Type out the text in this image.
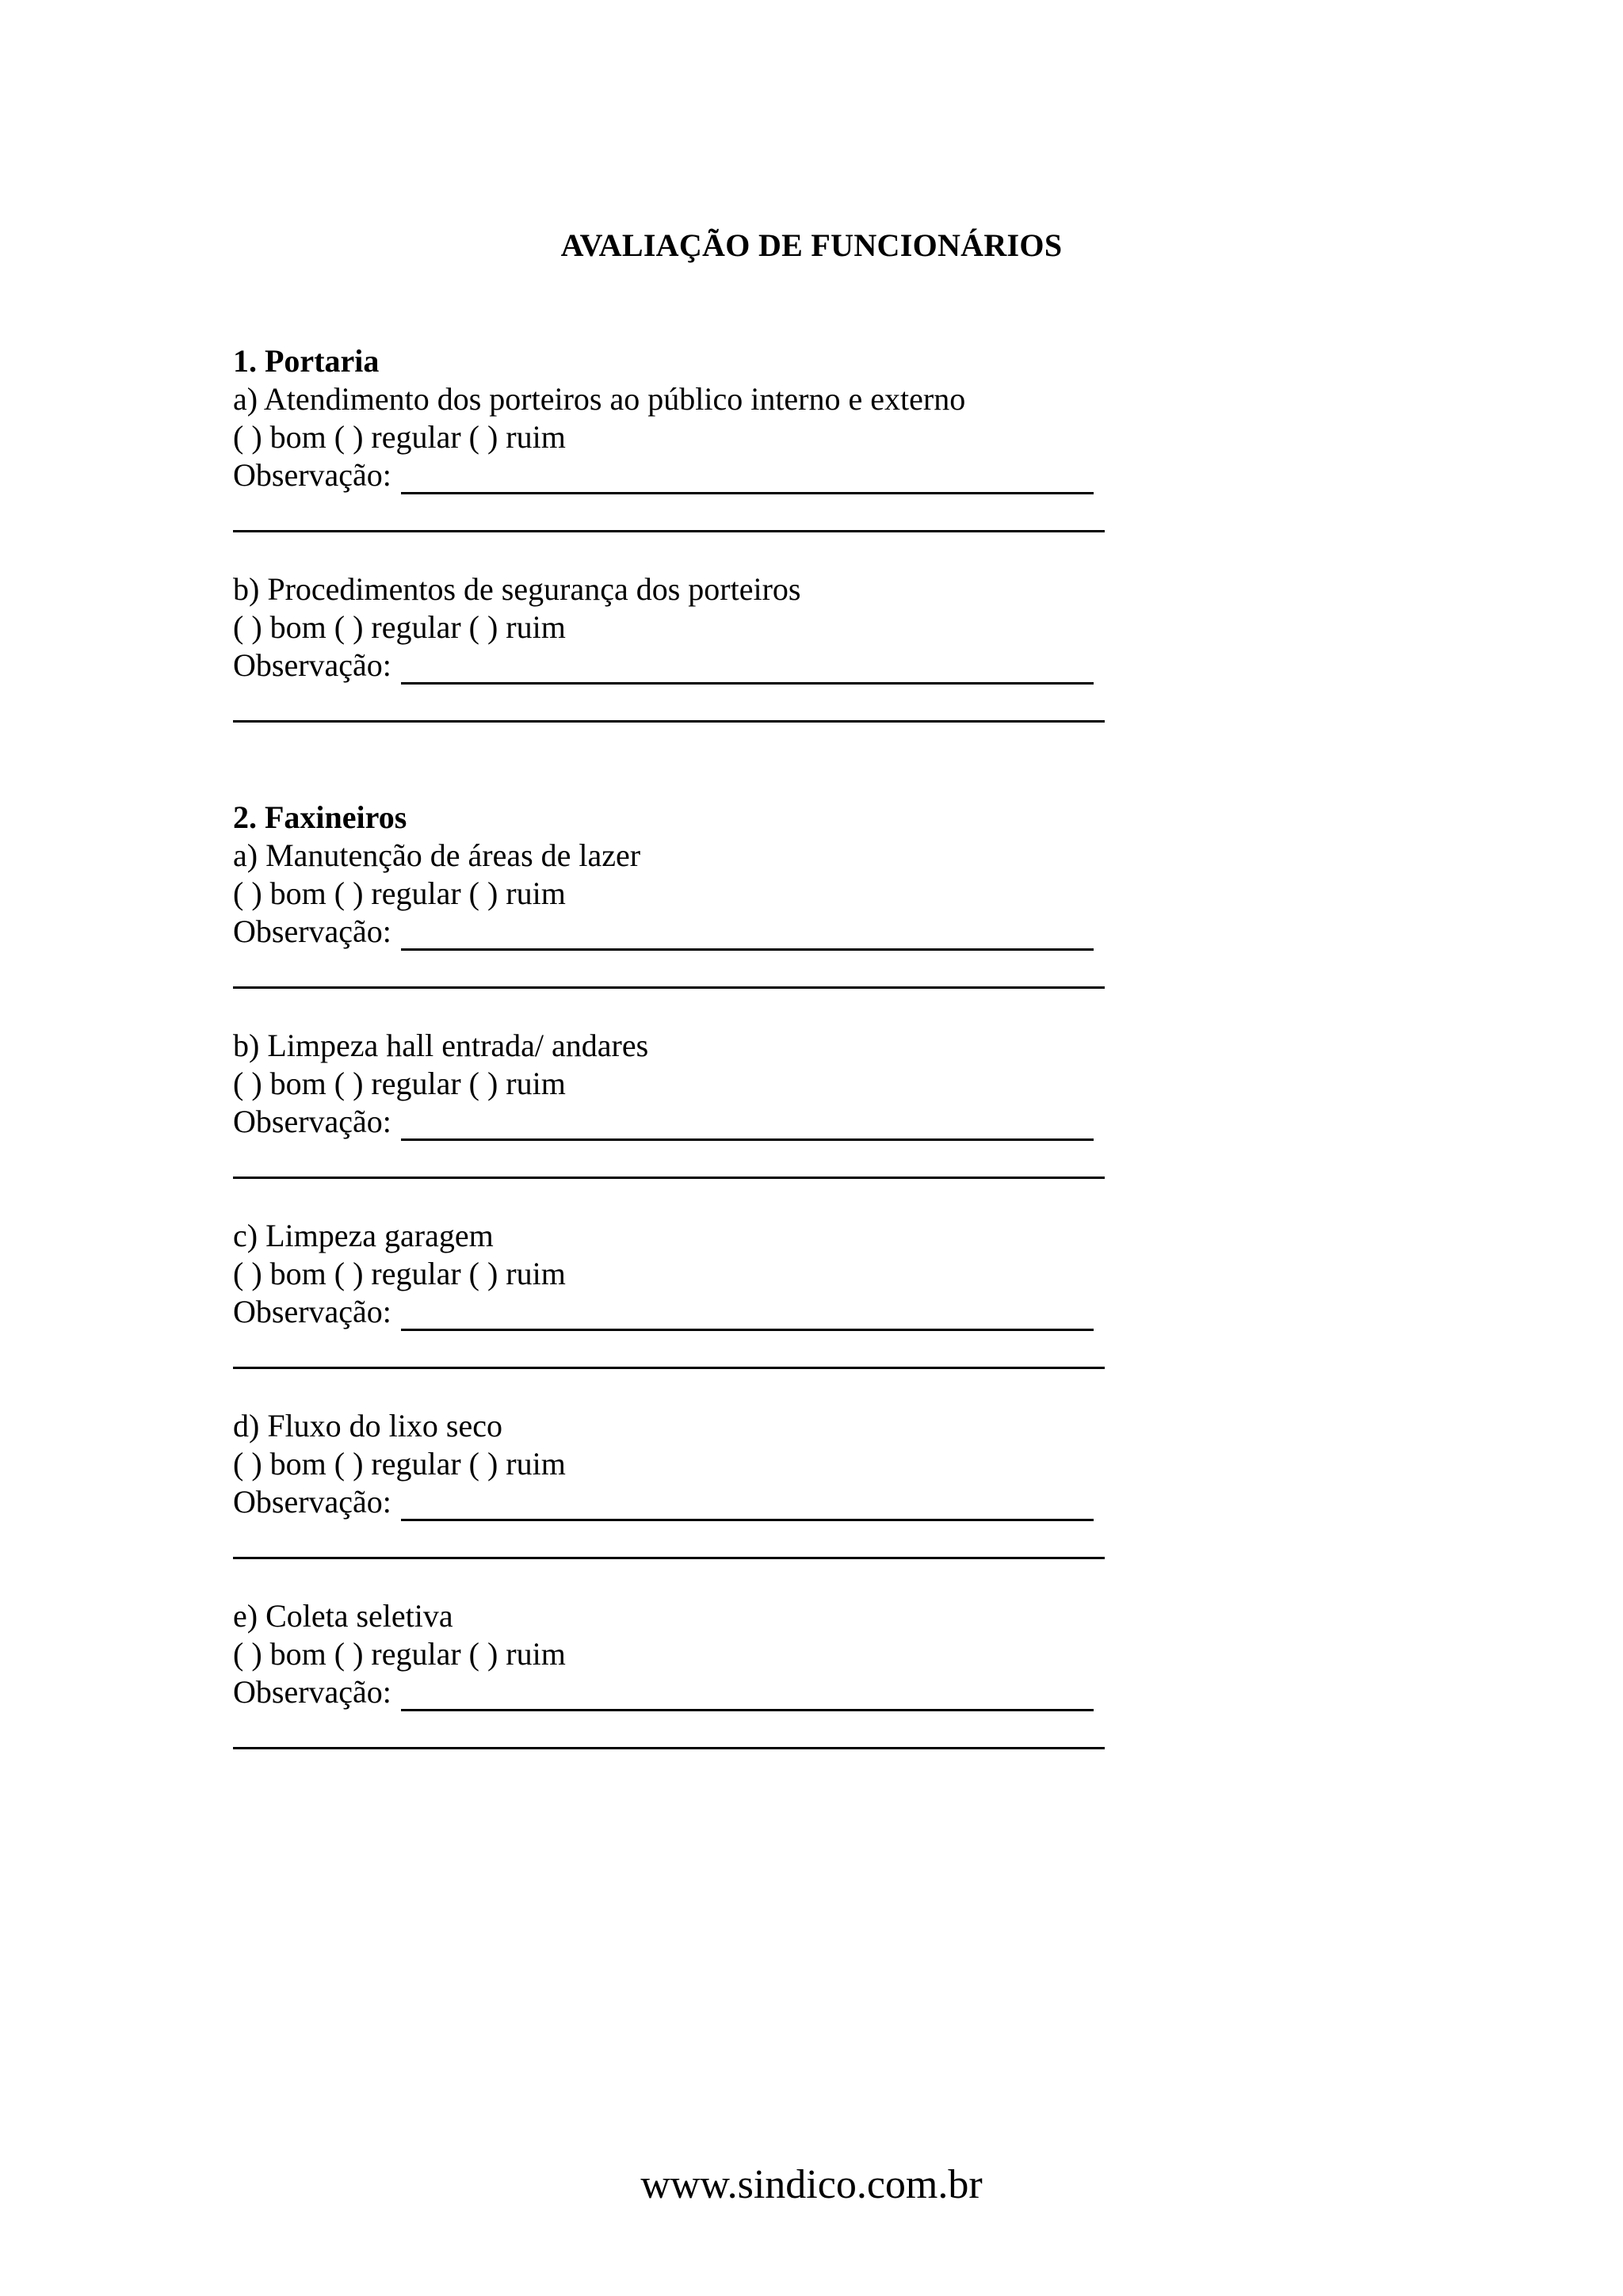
AVALIAÇÃO DE FUNCIONÁRIOS
1. Portaria
a) Atendimento dos porteiros ao público interno e externo
( ) bom ( ) regular ( ) ruim
Observação:
b) Procedimentos de segurança dos porteiros
( ) bom ( ) regular ( ) ruim
Observação:
2. Faxineiros
a) Manutenção de áreas de lazer
( ) bom ( ) regular ( ) ruim
Observação:
b) Limpeza hall entrada/ andares
( ) bom ( ) regular ( ) ruim
Observação:
c) Limpeza garagem
( ) bom ( ) regular ( ) ruim
Observação:
d) Fluxo do lixo seco
( ) bom ( ) regular ( ) ruim
Observação:
e) Coleta seletiva
( ) bom ( ) regular ( ) ruim
Observação:
www.sindico.com.br
